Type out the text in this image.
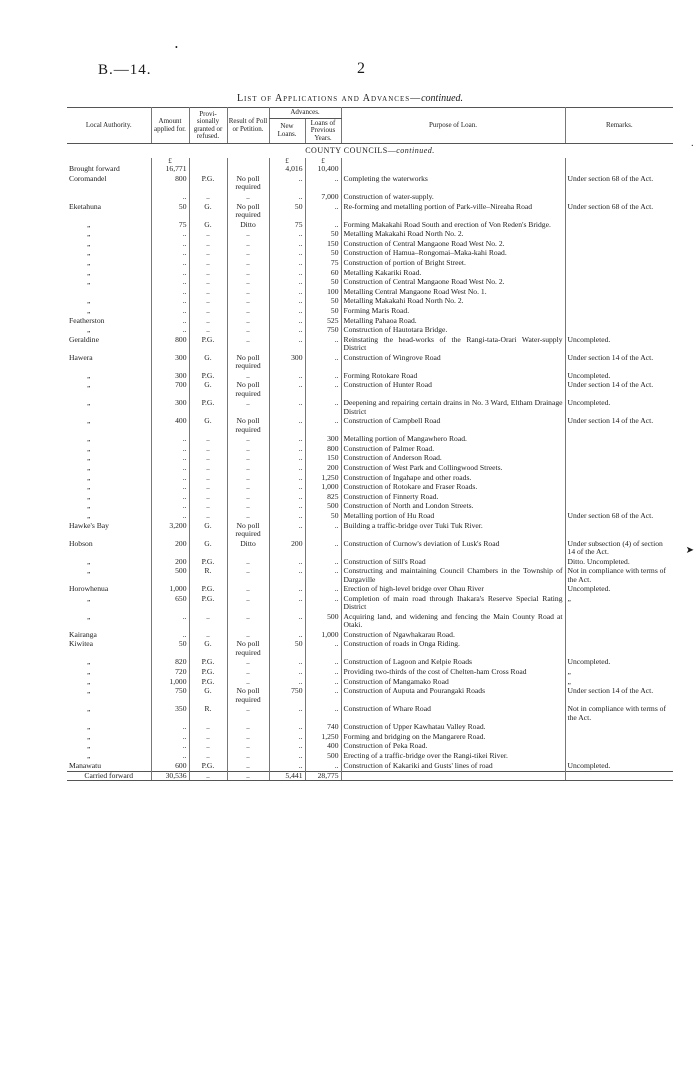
•
B.—14.	2
List of Applications and Advances—continued.
Local Authority.	Amount applied for.	Provi- sionally granted or refused.	Result of Poll or Petition.	Advances.		Purpose of Loan.	Remarks.
				New Loans.	Loans of Previous Years.		
COUNTY COUNCILS—continued.							
	£			£	£		
Brought forward	16,771			4,016	10,400		
Coromandel	800	P.G.	No poll required	..	..	Completing the waterworks	Under section 68 of the Act.
	..	..	..	..	7,000	Construction of water-supply.	
Eketahuna	50	G.	No poll required	50	..	Re-forming and metalling portion of Park-ville–Nireaha Road	Under section 68 of the Act.
„	75	G.	Ditto	75	..	Forming Makakahi Road South and erection of Von Reden's Bridge.	
„	..	..	..	..	50	Metalling Makakahi Road North No. 2.	
„	..	..	..	..	150	Construction of Central Mangaone Road West No. 2.	
„	..	..	..	..	50	Construction of Hamua–Rongomai–Maka-kahi Road.	
„	..	..	..	..	75	Construction of portion of Bright Street.	
„	..	..	..	..	60	Metalling Kakariki Road.	
„	..	..	..	..	50	Construction of Central Mangaone Road West No. 2.	
	..	..	..	..	100	Metalling Central Mangaone Road West No. 1.	
„	..	..	..	..	50	Metalling Makakahi Road North No. 2.	
„	..	..	..	..	50	Forming Maris Road.	
Featherston	..	..	..	..	525	Metalling Pahaoa Road.	
„	..	..	..	..	750	Construction of Hautotara Bridge.	
Geraldine	800	P.G.	..	..	..	Reinstating the head-works of the Rangi-tata-Orari Water-supply District	Uncompleted.
Hawera	300	G.	No poll required	300	..	Construction of Wingrove Road	Under section 14 of the Act.
„	300	P.G.	..	..	..	Forming Rotokare Road	Uncompleted.
„	700	G.	No poll required	..	..	Construction of Hunter Road	Under section 14 of the Act.
„	300	P.G.	..	..	..	Deepening and repairing certain drains in No. 3 Ward, Eltham Drainage District	Uncompleted.
„	400	G.	No poll required	..	..	Construction of Campbell Road	Under section 14 of the Act.
„	..	..	..	..	300	Metalling portion of Mangawhero Road.	
„	..	..	..	..	800	Construction of Palmer Road.	
„	..	..	..	..	150	Construction of Anderson Road.	
„	..	..	..	..	200	Construction of West Park and Collingwood Streets.	
„	..	..	..	..	1,250	Construction of Ingahape and other roads.	
„	..	..	..	..	1,000	Construction of Rotokare and Fraser Roads.	
„	..	..	..	..	825	Construction of Finnerty Road.	
„	..	..	..	..	500	Construction of North and London Streets.	
„	..	..	..	..	50	Metalling portion of Hu Road	Under section 68 of the Act.
Hawke's Bay	3,200	G.	No poll required	..	..	Building a traffic-bridge over Tuki Tuk River.	
Hobson	200	G.	Ditto	200	..	Construction of Curnow's deviation of Lusk's Road	Under subsection (4) of section 14 of the Act.
„	200	P.G.	..	..	..	Construction of Sill's Road	Ditto. Uncompleted.
„	500	R.	..	..	..	Constructing and maintaining Council Chambers in the Township of Dargaville	Not in compliance with terms of the Act.
Horowhenua	1,000	P.G.	..	..	..	Erection of high-level bridge over Ohau River	Uncompleted.
„	650	P.G.	..	..	..	Completion of main road through Ihakara's Reserve Special Rating District	„
„	..	..	..	..	500	Acquiring land, and widening and fencing the Main County Road at Otaki.	
Kairanga	..	..	..	..	1,000	Construction of Ngawhakarau Road.	
Kiwitea	50	G.	No poll required	50	..	Construction of roads in Onga Riding.	
„	820	P.G.	..	..	..	Construction of Lagoon and Kelpie Roads	Uncompleted.
„	720	P.G.	..	..	..	Providing two-thirds of the cost of Chelten-ham Cross Road	„
„	1,000	P.G.	..	..	..	Construction of Mangamako Road	„
„	750	G.	No poll required	750	..	Construction of Auputa and Pourangaki Roads	Under section 14 of the Act.
„	350	R.	..	..	..	Construction of Whare Road	Not in compliance with terms of the Act.
„	..	..	..	..	740	Construction of Upper Kawhatau Valley Road.	
„	..	..	..	..	1,250	Forming and bridging on the Mangarere Road.	
„	..	..	..	..	400	Construction of Peka Road.	
„	..	..	..	..	500	Erecting of a traffic-bridge over the Rangi-tikei River.	
Manawatu	600	P.G.	..	..	..	Construction of Kakariki and Gusts' lines of road	Uncompleted.
Carried forward	30,536	..	..	5,441	28,775		
·
➤
